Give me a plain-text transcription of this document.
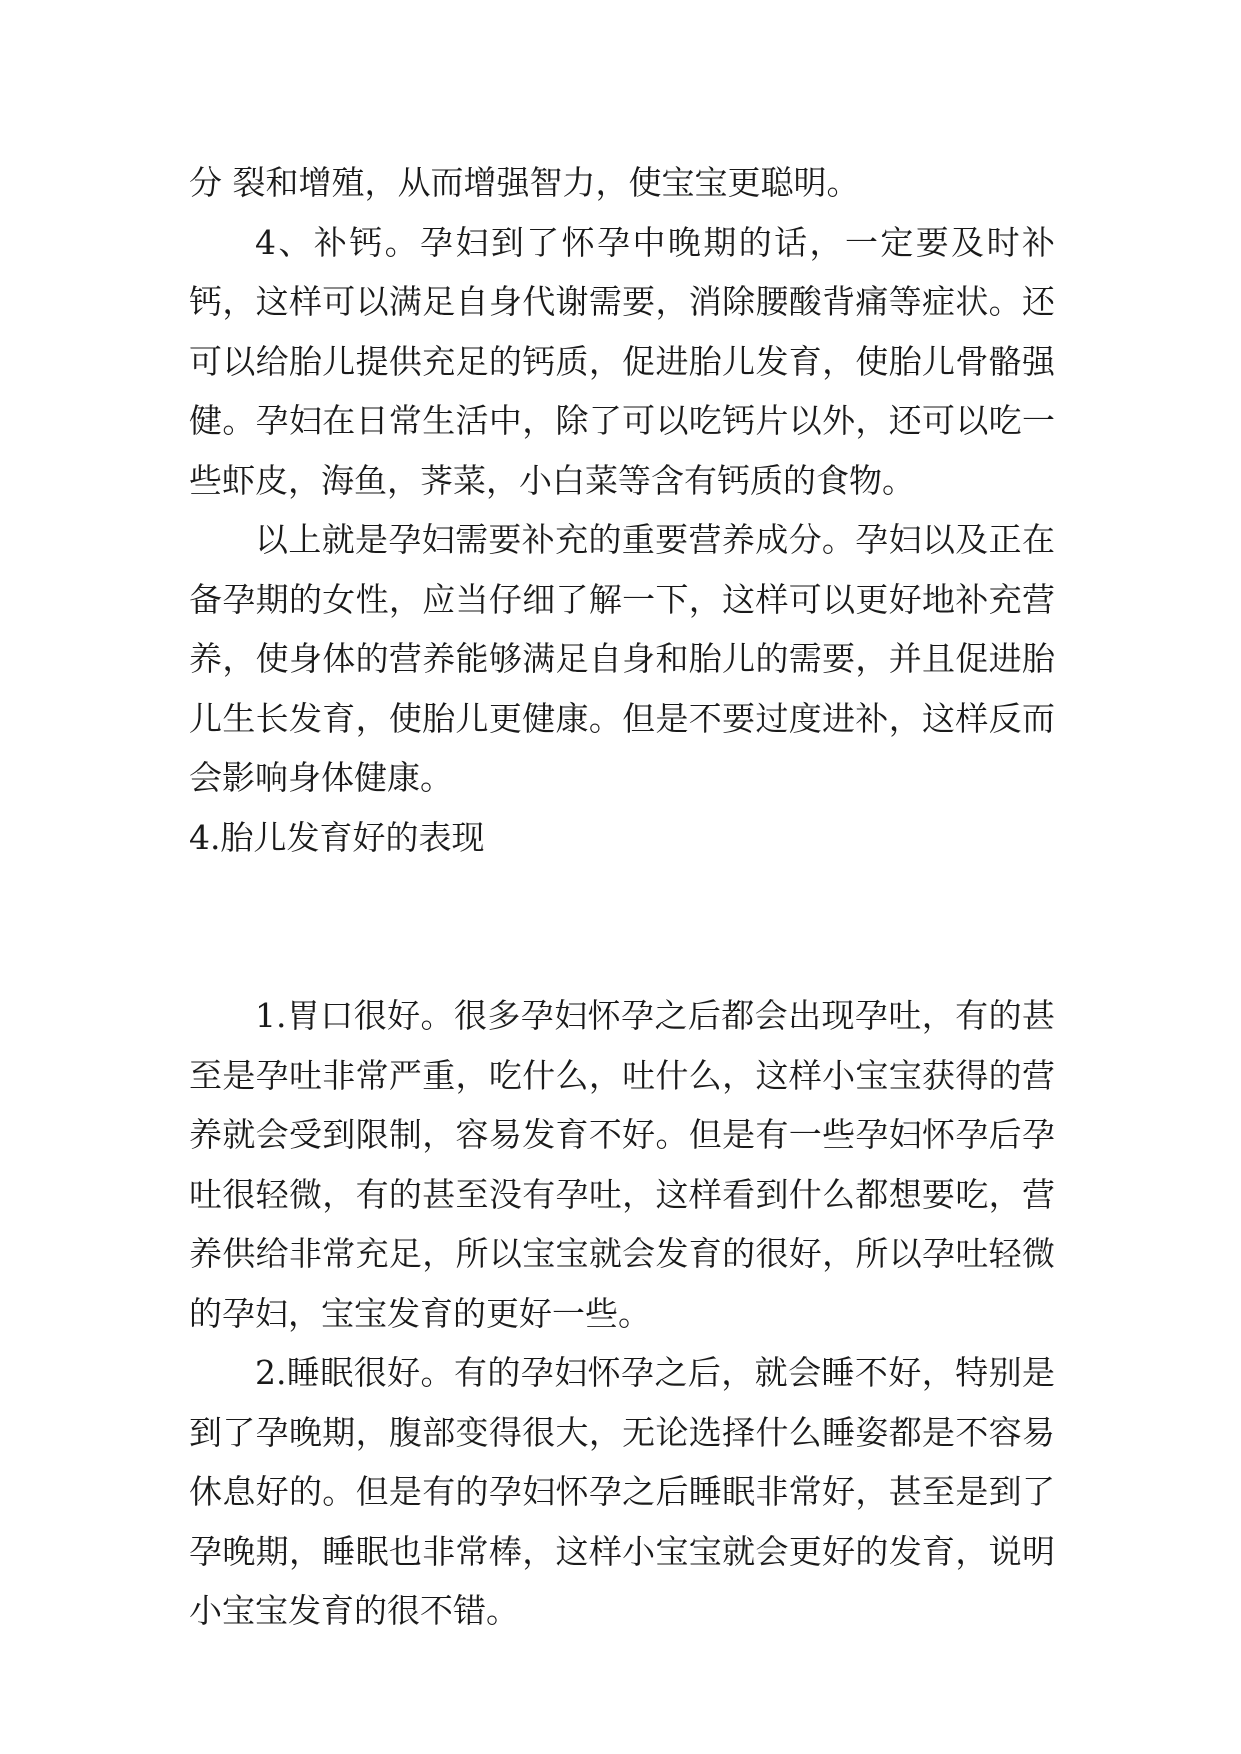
分 裂和增殖，从而增强智力，使宝宝更聪明。

4、补钙。孕妇到了怀孕中晚期的话，一定要及时补钙，这样可以满足自身代谢需要，消除腰酸背痛等症状。还可以给胎儿提供充足的钙质，促进胎儿发育，使胎儿骨骼强健。孕妇在日常生活中，除了可以吃钙片以外，还可以吃一些虾皮，海鱼，荠菜，小白菜等含有钙质的食物。

以上就是孕妇需要补充的重要营养成分。孕妇以及正在备孕期的女性，应当仔细了解一下，这样可以更好地补充营养，使身体的营养能够满足自身和胎儿的需要，并且促进胎儿生长发育，使胎儿更健康。但是不要过度进补，这样反而会影响身体健康。

4.胎儿发育好的表现

1.胃口很好。很多孕妇怀孕之后都会出现孕吐，有的甚至是孕吐非常严重，吃什么，吐什么，这样小宝宝获得的营养就会受到限制，容易发育不好。但是有一些孕妇怀孕后孕吐很轻微，有的甚至没有孕吐，这样看到什么都想要吃，营养供给非常充足，所以宝宝就会发育的很好，所以孕吐轻微的孕妇，宝宝发育的更好一些。

2.睡眠很好。有的孕妇怀孕之后，就会睡不好，特别是到了孕晚期，腹部变得很大，无论选择什么睡姿都是不容易休息好的。但是有的孕妇怀孕之后睡眠非常好，甚至是到了孕晚期，睡眠也非常棒，这样小宝宝就会更好的发育，说明小宝宝发育的很不错。
